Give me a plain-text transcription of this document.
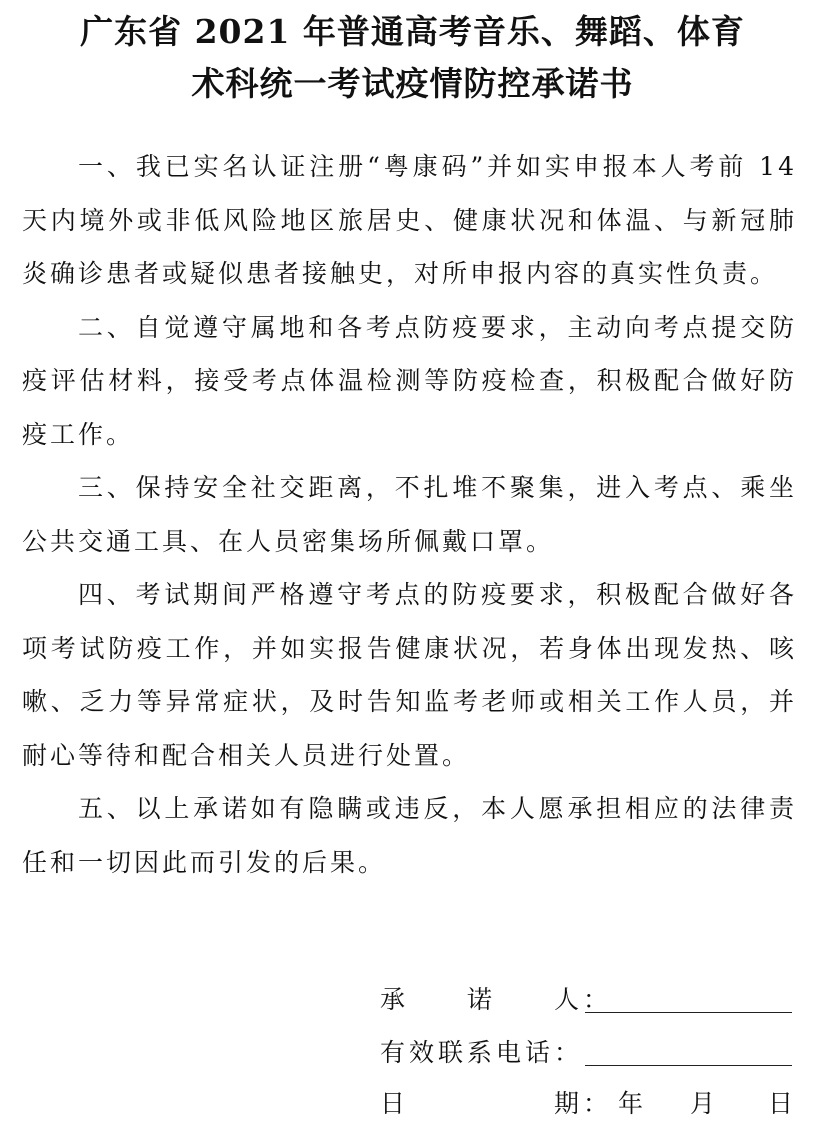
广东省 2021 年普通高考音乐、舞蹈、体育
术科统一考试疫情防控承诺书

一、我已实名认证注册“粤康码”并如实申报本人考前 14 天内境外或非低风险地区旅居史、健康状况和体温、与新冠肺炎确诊患者或疑似患者接触史，对所申报内容的真实性负责。

二、自觉遵守属地和各考点防疫要求，主动向考点提交防疫评估材料，接受考点体温检测等防疫检查，积极配合做好防疫工作。

三、保持安全社交距离，不扎堆不聚集，进入考点、乘坐公共交通工具、在人员密集场所佩戴口罩。

四、考试期间严格遵守考点的防疫要求，积极配合做好各项考试防疫工作，并如实报告健康状况，若身体出现发热、咳嗽、乏力等异常症状，及时告知监考老师或相关工作人员，并耐心等待和配合相关人员进行处置。

五、以上承诺如有隐瞒或违反，本人愿承担相应的法律责任和一切因此而引发的后果。

承　　诺　　人：
有效联系电话：
日　　　　　期： 年 月 日
